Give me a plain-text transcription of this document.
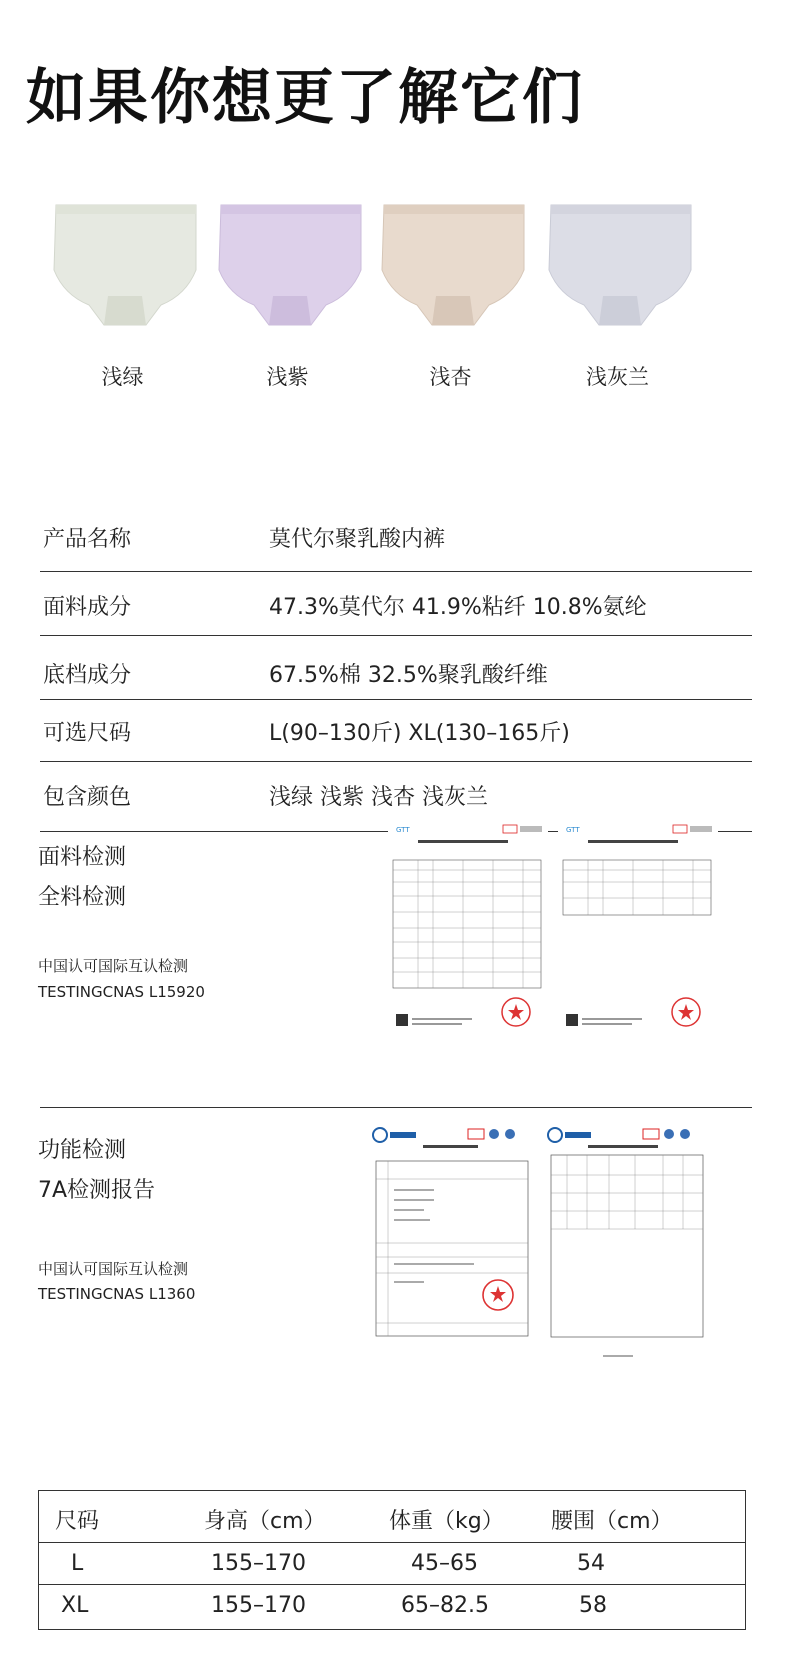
如果你想更了解它们
浅绿	浅紫	浅杏	浅灰兰
产品名称	莫代尔聚乳酸内裤
面料成分	47.3%莫代尔 41.9%粘纤 10.8%氨纶
底档成分	67.5%棉 32.5%聚乳酸纤维
可选尺码	L(90–130斤) XL(130–165斤)
包含颜色	浅绿 浅紫 浅杏 浅灰兰
面料检测
全料检测
中国认可国际互认检测
TESTINGCNAS L15920
GTT	GTT
功能检测
7A检测报告
中国认可国际互认检测
TESTINGCNAS L1360
尺码	身高（cm）	体重（kg） 腰围（cm）
L	155–170	45–65	54
XL	155–170	65–82.5	58
